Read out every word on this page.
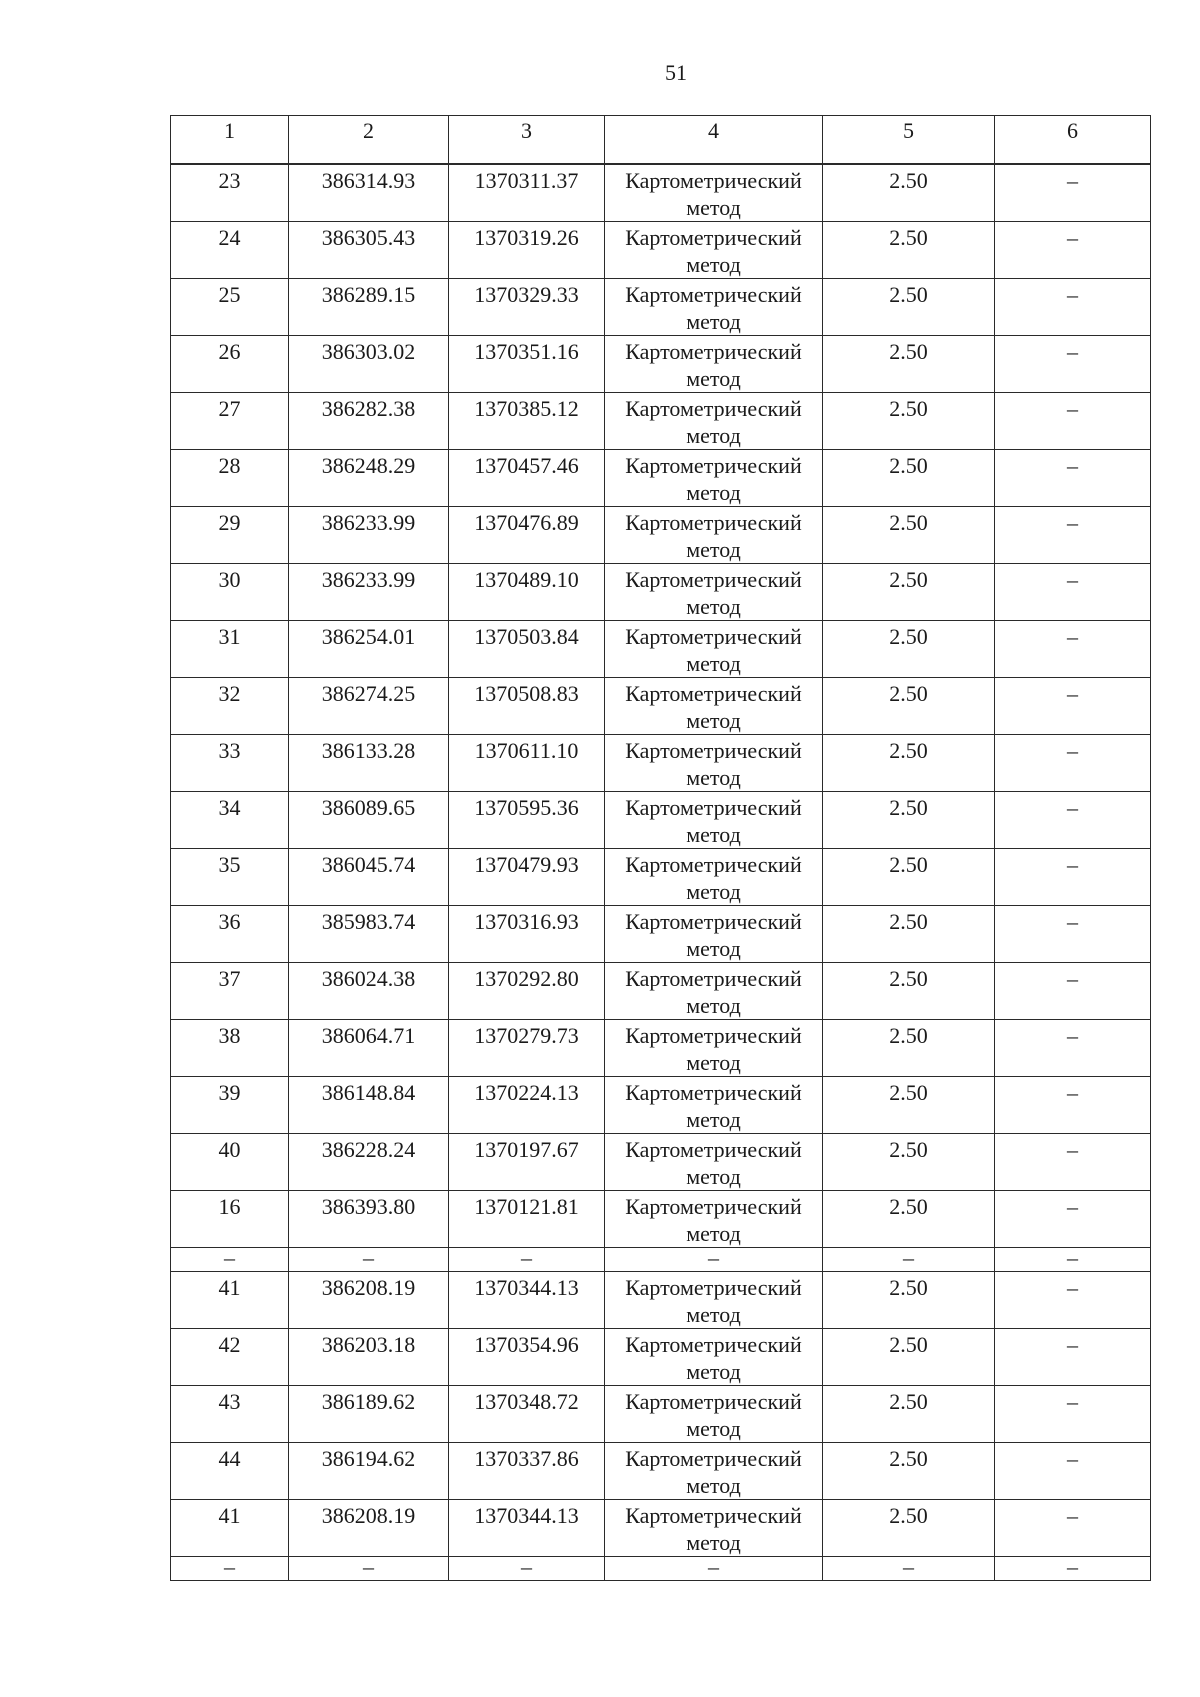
51
1	2	3	4	5	6
23	386314.93	1370311.37	Картометрический метод	2.50	–
24	386305.43	1370319.26	Картометрический метод	2.50	–
25	386289.15	1370329.33	Картометрический метод	2.50	–
26	386303.02	1370351.16	Картометрический метод	2.50	–
27	386282.38	1370385.12	Картометрический метод	2.50	–
28	386248.29	1370457.46	Картометрический метод	2.50	–
29	386233.99	1370476.89	Картометрический метод	2.50	–
30	386233.99	1370489.10	Картометрический метод	2.50	–
31	386254.01	1370503.84	Картометрический метод	2.50	–
32	386274.25	1370508.83	Картометрический метод	2.50	–
33	386133.28	1370611.10	Картометрический метод	2.50	–
34	386089.65	1370595.36	Картометрический метод	2.50	–
35	386045.74	1370479.93	Картометрический метод	2.50	–
36	385983.74	1370316.93	Картометрический метод	2.50	–
37	386024.38	1370292.80	Картометрический метод	2.50	–
38	386064.71	1370279.73	Картометрический метод	2.50	–
39	386148.84	1370224.13	Картометрический метод	2.50	–
40	386228.24	1370197.67	Картометрический метод	2.50	–
16	386393.80	1370121.81	Картометрический метод	2.50	–
–	–	–	–	–	–
41	386208.19	1370344.13	Картометрический метод	2.50	–
42	386203.18	1370354.96	Картометрический метод	2.50	–
43	386189.62	1370348.72	Картометрический метод	2.50	–
44	386194.62	1370337.86	Картометрический метод	2.50	–
41	386208.19	1370344.13	Картометрический метод	2.50	–
–	–	–	–	–	–
